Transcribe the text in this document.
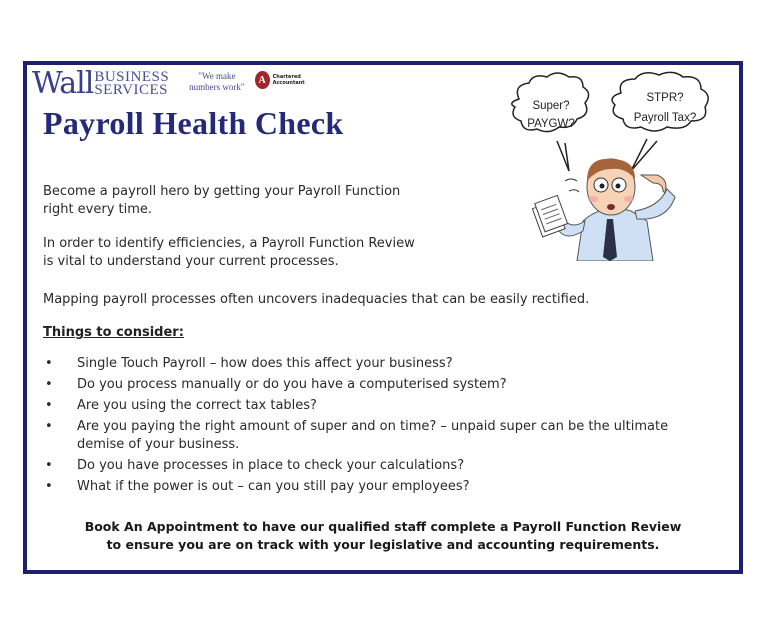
Wall BUSINESS
SERVICES
"We make
numbers work"
A	Chartered
Accountant
Payroll Health Check	Super?
PAYGW?
STPR?
Payroll Tax?
Become a payroll hero by getting your Payroll Function
right every time.
In order to identify efficiencies, a Payroll Function Review
is vital to understand your current processes.
Mapping payroll processes often uncovers inadequacies that can be easily rectified.
Things to consider:
• Single Touch Payroll – how does this affect your business?
• Do you process manually or do you have a computerised system?
• Are you using the correct tax tables?
• Are you paying the right amount of super and on time? – unpaid super can be the ultimate demise of your business.
• Do you have processes in place to check your calculations?
• What if the power is out – can you still pay your employees?
Book An Appointment to have our qualified staff complete a Payroll Function Review
to ensure you are on track with your legislative and accounting requirements.
